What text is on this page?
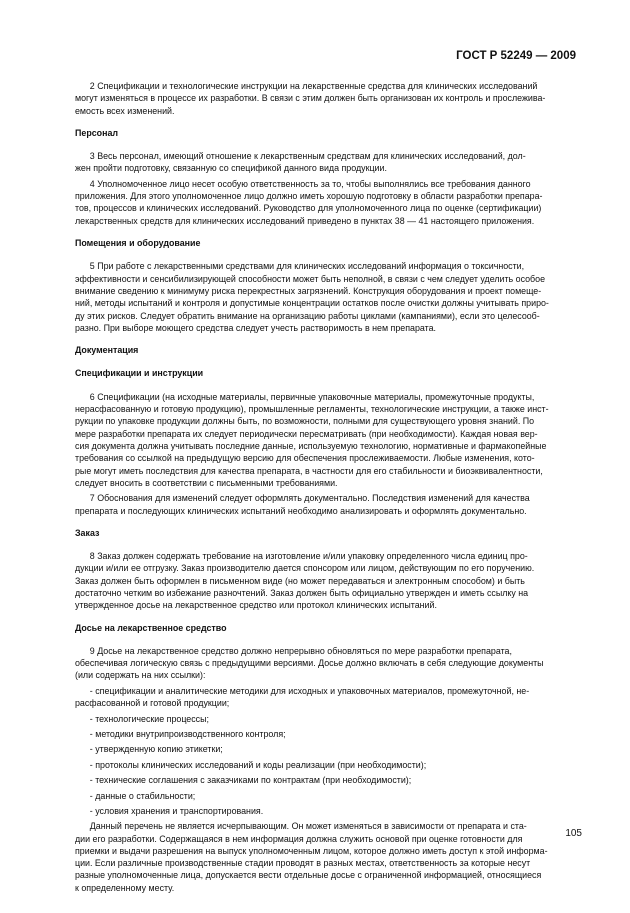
ГОСТ Р 52249 — 2009
2 Спецификации и технологические инструкции на лекарственные средства для клинических исследований
могут изменяться в процессе их разработки. В связи с этим должен быть организован их контроль и прослежива-
емость всех изменений.
Персонал
3 Весь персонал, имеющий отношение к лекарственным средствам для клинических исследований, дол-
жен пройти подготовку, связанную со спецификой данного вида продукции.
4 Уполномоченное лицо несет особую ответственность за то, чтобы выполнялись все требования данного
приложения. Для этого уполномоченное лицо должно иметь хорошую подготовку в области разработки препара-
тов, процессов и клинических исследований. Руководство для уполномоченного лица по оценке (сертификации)
лекарственных средств для клинических исследований приведено в пунктах 38 — 41 настоящего приложения.
Помещения и оборудование
5 При работе с лекарственными средствами для клинических исследований информация о токсичности,
эффективности и сенсибилизирующей способности может быть неполной, в связи с чем следует уделить особое
внимание сведению к минимуму риска перекрестных загрязнений. Конструкция оборудования и проект помеще-
ний, методы испытаний и контроля и допустимые концентрации остатков после очистки должны учитывать приро-
ду этих рисков. Следует обратить внимание на организацию работы циклами (кампаниями), если это целесооб-
разно. При выборе моющего средства следует учесть растворимость в нем препарата.
Документация
Спецификации и инструкции
6 Спецификации (на исходные материалы, первичные упаковочные материалы, промежуточные продукты,
нерасфасованную и готовую продукцию), промышленные регламенты, технологические инструкции, а также инст-
рукции по упаковке продукции должны быть, по возможности, полными для существующего уровня знаний. По
мере разработки препарата их следует периодически пересматривать (при необходимости). Каждая новая вер-
сия документа должна учитывать последние данные, используемую технологию, нормативные и фармакопейные
требования со ссылкой на предыдущую версию для обеспечения прослеживаемости. Любые изменения, кото-
рые могут иметь последствия для качества препарата, в частности для его стабильности и биоэквивалентности,
следует вносить в соответствии с письменными требованиями.
7 Обоснования для изменений следует оформлять документально. Последствия изменений для качества
препарата и последующих клинических испытаний необходимо анализировать и оформлять документально.
Заказ
8 Заказ должен содержать требование на изготовление и/или упаковку определенного числа единиц про-
дукции и/или ее отгрузку. Заказ производителю дается спонсором или лицом, действующим по его поручению.
Заказ должен быть оформлен в письменном виде (но может передаваться и электронным способом) и быть
достаточно четким во избежание разночтений. Заказ должен быть официально утвержден и иметь ссылку на
утвержденное досье на лекарственное средство или протокол клинических испытаний.
Досье на лекарственное средство
9 Досье на лекарственное средство должно непрерывно обновляться по мере разработки препарата,
обеспечивая логическую связь с предыдущими версиями. Досье должно включать в себя следующие документы
(или содержать на них ссылки):
- спецификации и аналитические методики для исходных и упаковочных материалов, промежуточной, не-
расфасованной и готовой продукции;
- технологические процессы;
- методики внутрипроизводственного контроля;
- утвержденную копию этикетки;
- протоколы клинических исследований и коды реализации (при необходимости);
- технические соглашения с заказчиками по контрактам (при необходимости);
- данные о стабильности;
- условия хранения и транспортирования.
Данный перечень не является исчерпывающим. Он может изменяться в зависимости от препарата и ста-
дии его разработки. Содержащаяся в нем информация должна служить основой при оценке готовности для
приемки и выдачи разрешения на выпуск уполномоченным лицом, которое должно иметь доступ к этой информа-
ции. Если различные производственные стадии проводят в разных местах, ответственность за которые несут
разные уполномоченные лица, допускается вести отдельные досье с ограниченной информацией, относящиеся
к определенному месту.
105
